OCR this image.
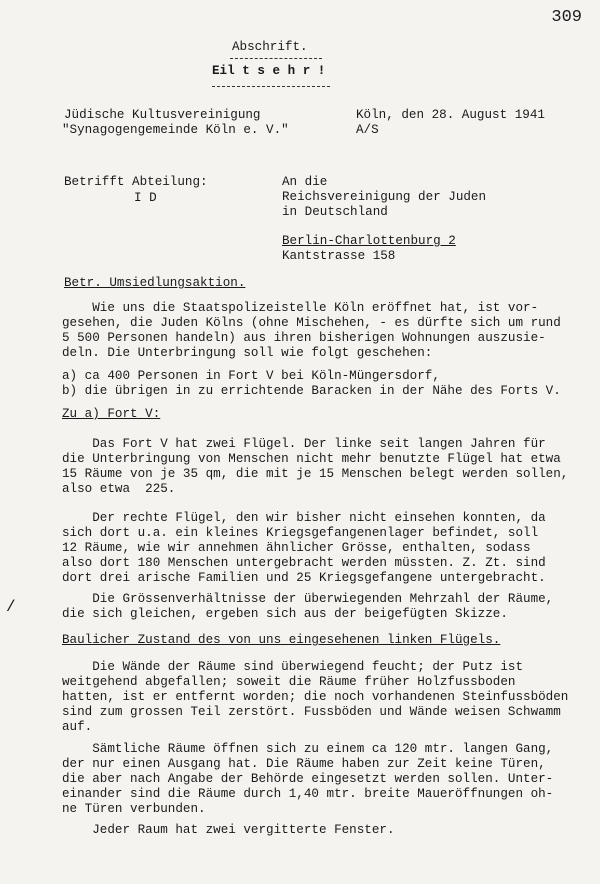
309
Abschrift.
Eil t s e h r !
Jüdische Kultusvereinigung
"Synagogengemeinde Köln e. V."
Köln, den 28. August 1941
A/S
Betrifft Abteilung:
I D
An die
Reichsvereinigung der Juden
in Deutschland
Berlin-Charlottenburg 2
Kantstrasse 158
Betr. Umsiedlungsaktion.
Wie uns die Staatspolizeistelle Köln eröffnet hat, ist vor-
gesehen, die Juden Kölns (ohne Mischehen, - es dürfte sich um rund
5 500 Personen handeln) aus ihren bisherigen Wohnungen auszusie-
deln. Die Unterbringung soll wie folgt geschehen:
a) ca 400 Personen in Fort V bei Köln-Müngersdorf,
b) die übrigen in zu errichtende Baracken in der Nähe des Forts V.
Zu a) Fort V:
Das Fort V hat zwei Flügel. Der linke seit langen Jahren für
die Unterbringung von Menschen nicht mehr benutzte Flügel hat etwa
15 Räume von je 35 qm, die mit je 15 Menschen belegt werden sollen,
also etwa  225.
Der rechte Flügel, den wir bisher nicht einsehen konnten, da
sich dort u.a. ein kleines Kriegsgefangenenlager befindet, soll
12 Räume, wie wir annehmen ähnlicher Grösse, enthalten, sodass
also dort 180 Menschen untergebracht werden müssten. Z. Zt. sind
dort drei arische Familien und 25 Kriegsgefangene untergebracht.
Die Grössenverhältnisse der überwiegenden Mehrzahl der Räume,
die sich gleichen, ergeben sich aus der beigefügten Skizze.
/
Baulicher Zustand des von uns eingesehenen linken Flügels.
Die Wände der Räume sind überwiegend feucht; der Putz ist
weitgehend abgefallen; soweit die Räume früher Holzfussboden
hatten, ist er entfernt worden; die noch vorhandenen Steinfussböden
sind zum grossen Teil zerstört. Fussböden und Wände weisen Schwamm
auf.
Sämtliche Räume öffnen sich zu einem ca 120 mtr. langen Gang,
der nur einen Ausgang hat. Die Räume haben zur Zeit keine Türen,
die aber nach Angabe der Behörde eingesetzt werden sollen. Unter-
einander sind die Räume durch 1,40 mtr. breite Maueröffnungen oh-
ne Türen verbunden.
Jeder Raum hat zwei vergitterte Fenster.
